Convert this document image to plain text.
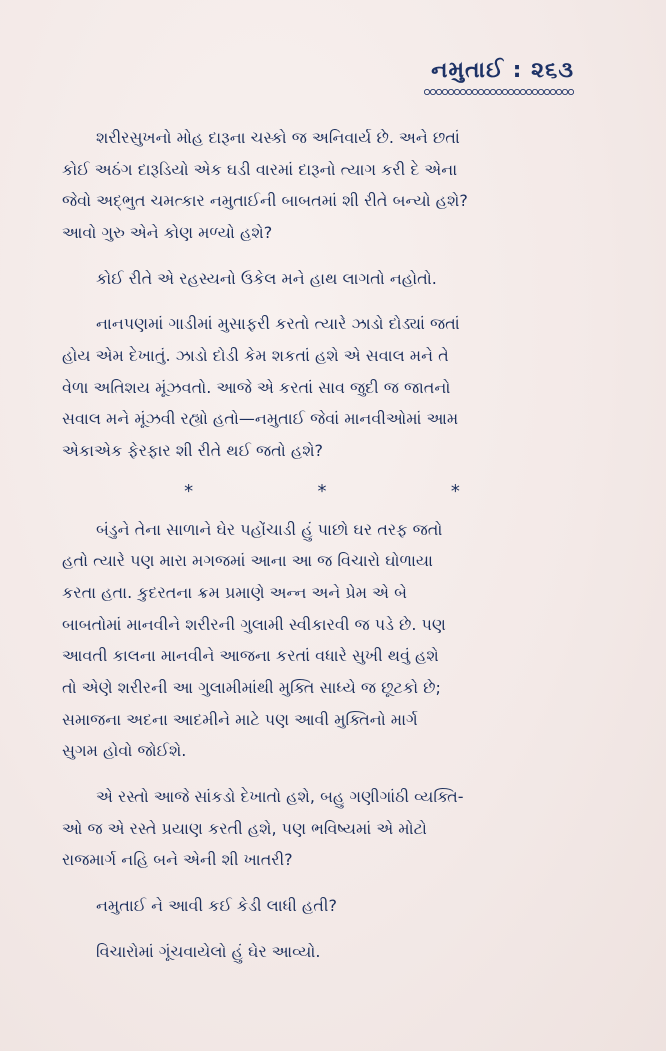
નમુતાઈ : ૨૬૩

શરીરસુખનો મોહ દારૂના ચસ્કો જ અનિવાર્ય છે. અને છતાં
કોઈ અઠંગ દારૂડિયો એક ઘડી વારમાં દારૂનો ત્યાગ કરી દે એના
જેવો અદ્ભુત ચમત્કાર નમુતાઈની બાબતમાં શી રીતે બન્યો હશે?
આવો ગુરુ એને કોણ મળ્યો હશે?

કોઈ રીતે એ રહસ્યનો ઉકેલ મને હાથ લાગતો નહોતો.

નાનપણમાં ગાડીમાં મુસાફરી કરતો ત્યારે ઝાડો દોડ્યાં જતાં
હોય એમ દેખાતું. ઝાડો દોડી કેમ શકતાં હશે એ સવાલ મને તે
વેળા અતિશય મૂંઝવતો. આજે એ કરતાં સાવ જુદી જ જાતનો
સવાલ મને મૂંઝવી રહ્યો હતો—નમુતાઈ જેવાં માનવીઓમાં આમ
એકાએક ફેરફાર શી રીતે થઈ જતો હશે?

*	*	*

બંડુને તેના સાળાને ઘેર પહોંચાડી હું પાછો ઘર તરફ જતો
હતો ત્યારે પણ મારા મગજમાં આના આ જ વિચારો ઘોળાયા
કરતા હતા. કુદરતના ક્રમ પ્રમાણે અન્ન અને પ્રેમ એ બે
બાબતોમાં માનવીને શરીરની ગુલામી સ્વીકારવી જ પડે છે. પણ
આવતી કાલના માનવીને આજના કરતાં વધારે સુખી થવું હશે
તો એણે શરીરની આ ગુલામીમાંથી મુક્તિ સાધ્યે જ છૂટકો છે;
સમાજના અદના આદમીને માટે પણ આવી મુક્તિનો માર્ગ
સુગમ હોવો જોઈશે.

એ રસ્તો આજે સાંકડો દેખાતો હશે, બહુ ગણીગાંઠી વ્યક્તિ-
ઓ જ એ રસ્તે પ્રયાણ કરતી હશે, પણ ભવિષ્યમાં એ મોટો
રાજમાર્ગ નહિ બને એની શી ખાતરી?

નમુતાઈ ને આવી કઈ કેડી લાધી હતી?

વિચારોમાં ગૂંચવાયેલો હું ઘેર આવ્યો.
